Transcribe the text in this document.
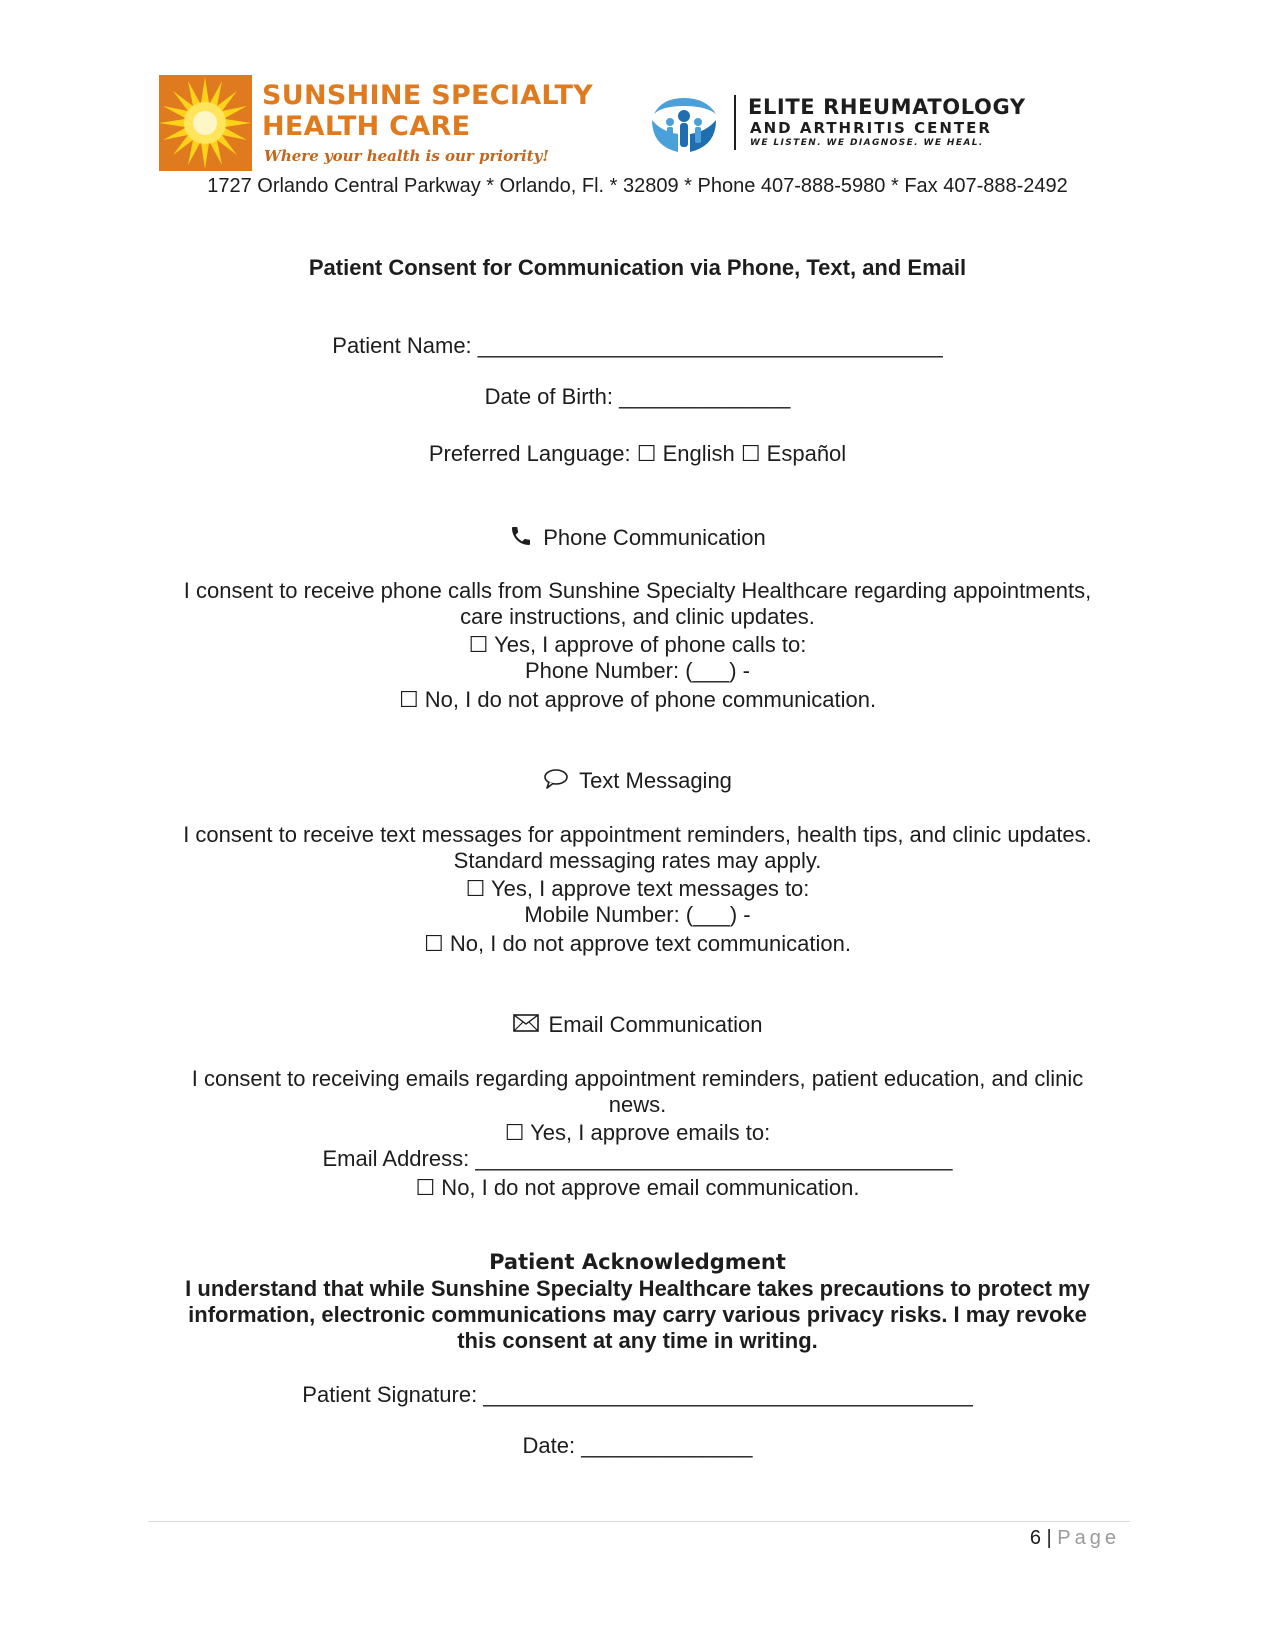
SUNSHINE SPECIALTY
HEALTH CARE
Where your health is our priority!
ELITE RHEUMATOLOGY
AND ARTHRITIS CENTER
WE LISTEN. WE DIAGNOSE. WE HEAL.
1727 Orlando Central Parkway * Orlando, Fl. * 32809 * Phone 407-888-5980 * Fax 407-888-2492
Patient Consent for Communication via Phone, Text, and Email
Patient Name: ______________________________________
Date of Birth: ______________
Preferred Language: ☐ English ☐ Español
Phone Communication
I consent to receive phone calls from Sunshine Specialty Healthcare regarding appointments,
care instructions, and clinic updates.
☐ Yes, I approve of phone calls to:
Phone Number: (___) -
☐ No, I do not approve of phone communication.
Text Messaging
I consent to receive text messages for appointment reminders, health tips, and clinic updates.
Standard messaging rates may apply.
☐ Yes, I approve text messages to:
Mobile Number: (___) -
☐ No, I do not approve text communication.
Email Communication
I consent to receiving emails regarding appointment reminders, patient education, and clinic
news.
☐ Yes, I approve emails to:
Email Address: _______________________________________
☐ No, I do not approve email communication.
Patient Acknowledgment
I understand that while Sunshine Specialty Healthcare takes precautions to protect my
information, electronic communications may carry various privacy risks. I may revoke
this consent at any time in writing.
Patient Signature: ________________________________________
Date: ______________
6 | Page
